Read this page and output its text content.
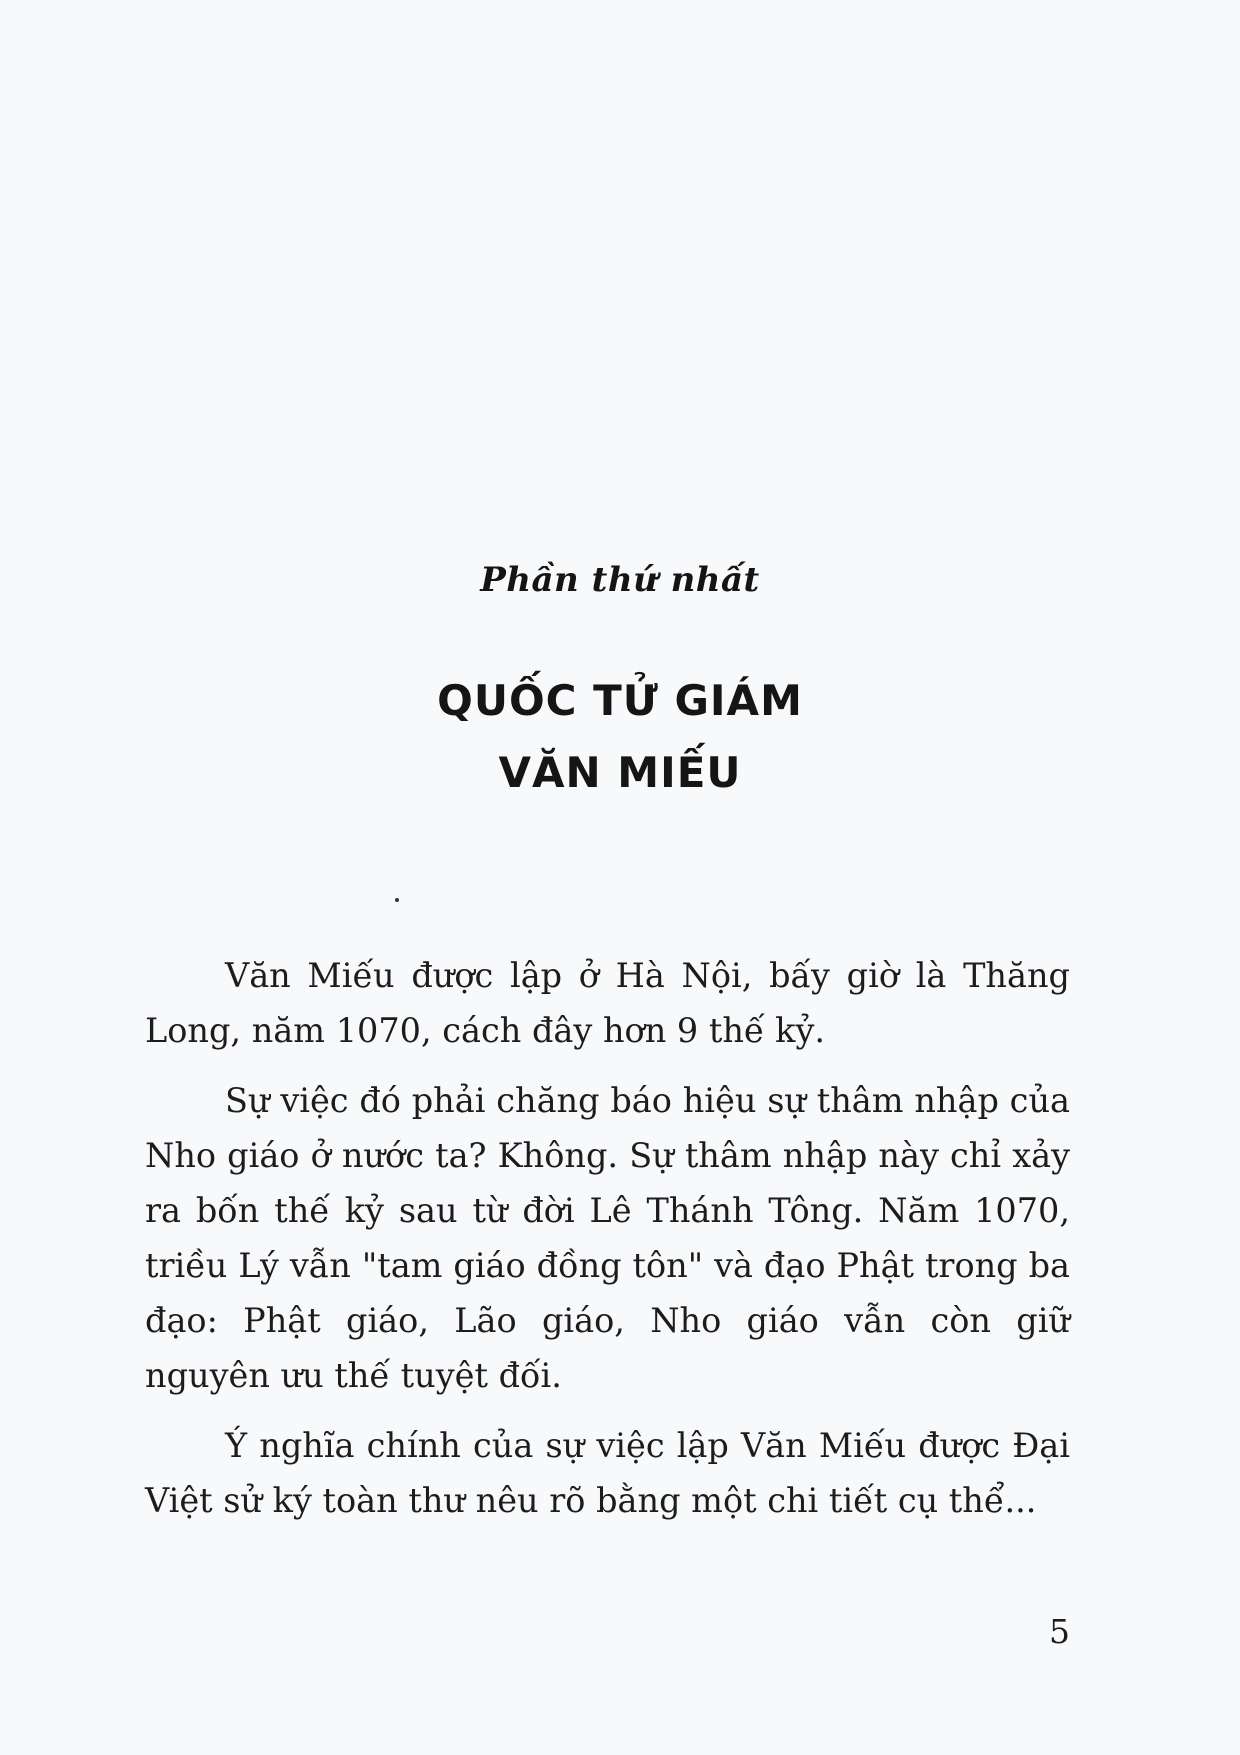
Phần thứ nhất
QUỐC TỬ GIÁM
VĂN MIẾU

Văn Miếu được lập ở Hà Nội, bấy giờ là Thăng Long, năm 1070, cách đây hơn 9 thế kỷ.

Sự việc đó phải chăng báo hiệu sự thâm nhập của Nho giáo ở nước ta? Không. Sự thâm nhập này chỉ xảy ra bốn thế kỷ sau từ đời Lê Thánh Tông. Năm 1070, triều Lý vẫn "tam giáo đồng tôn" và đạo Phật trong ba đạo: Phật giáo, Lão giáo, Nho giáo vẫn còn giữ nguyên ưu thế tuyệt đối.

Ý nghĩa chính của sự việc lập Văn Miếu được Đại Việt sử ký toàn thư nêu rõ bằng một chi tiết cụ thể...

5
